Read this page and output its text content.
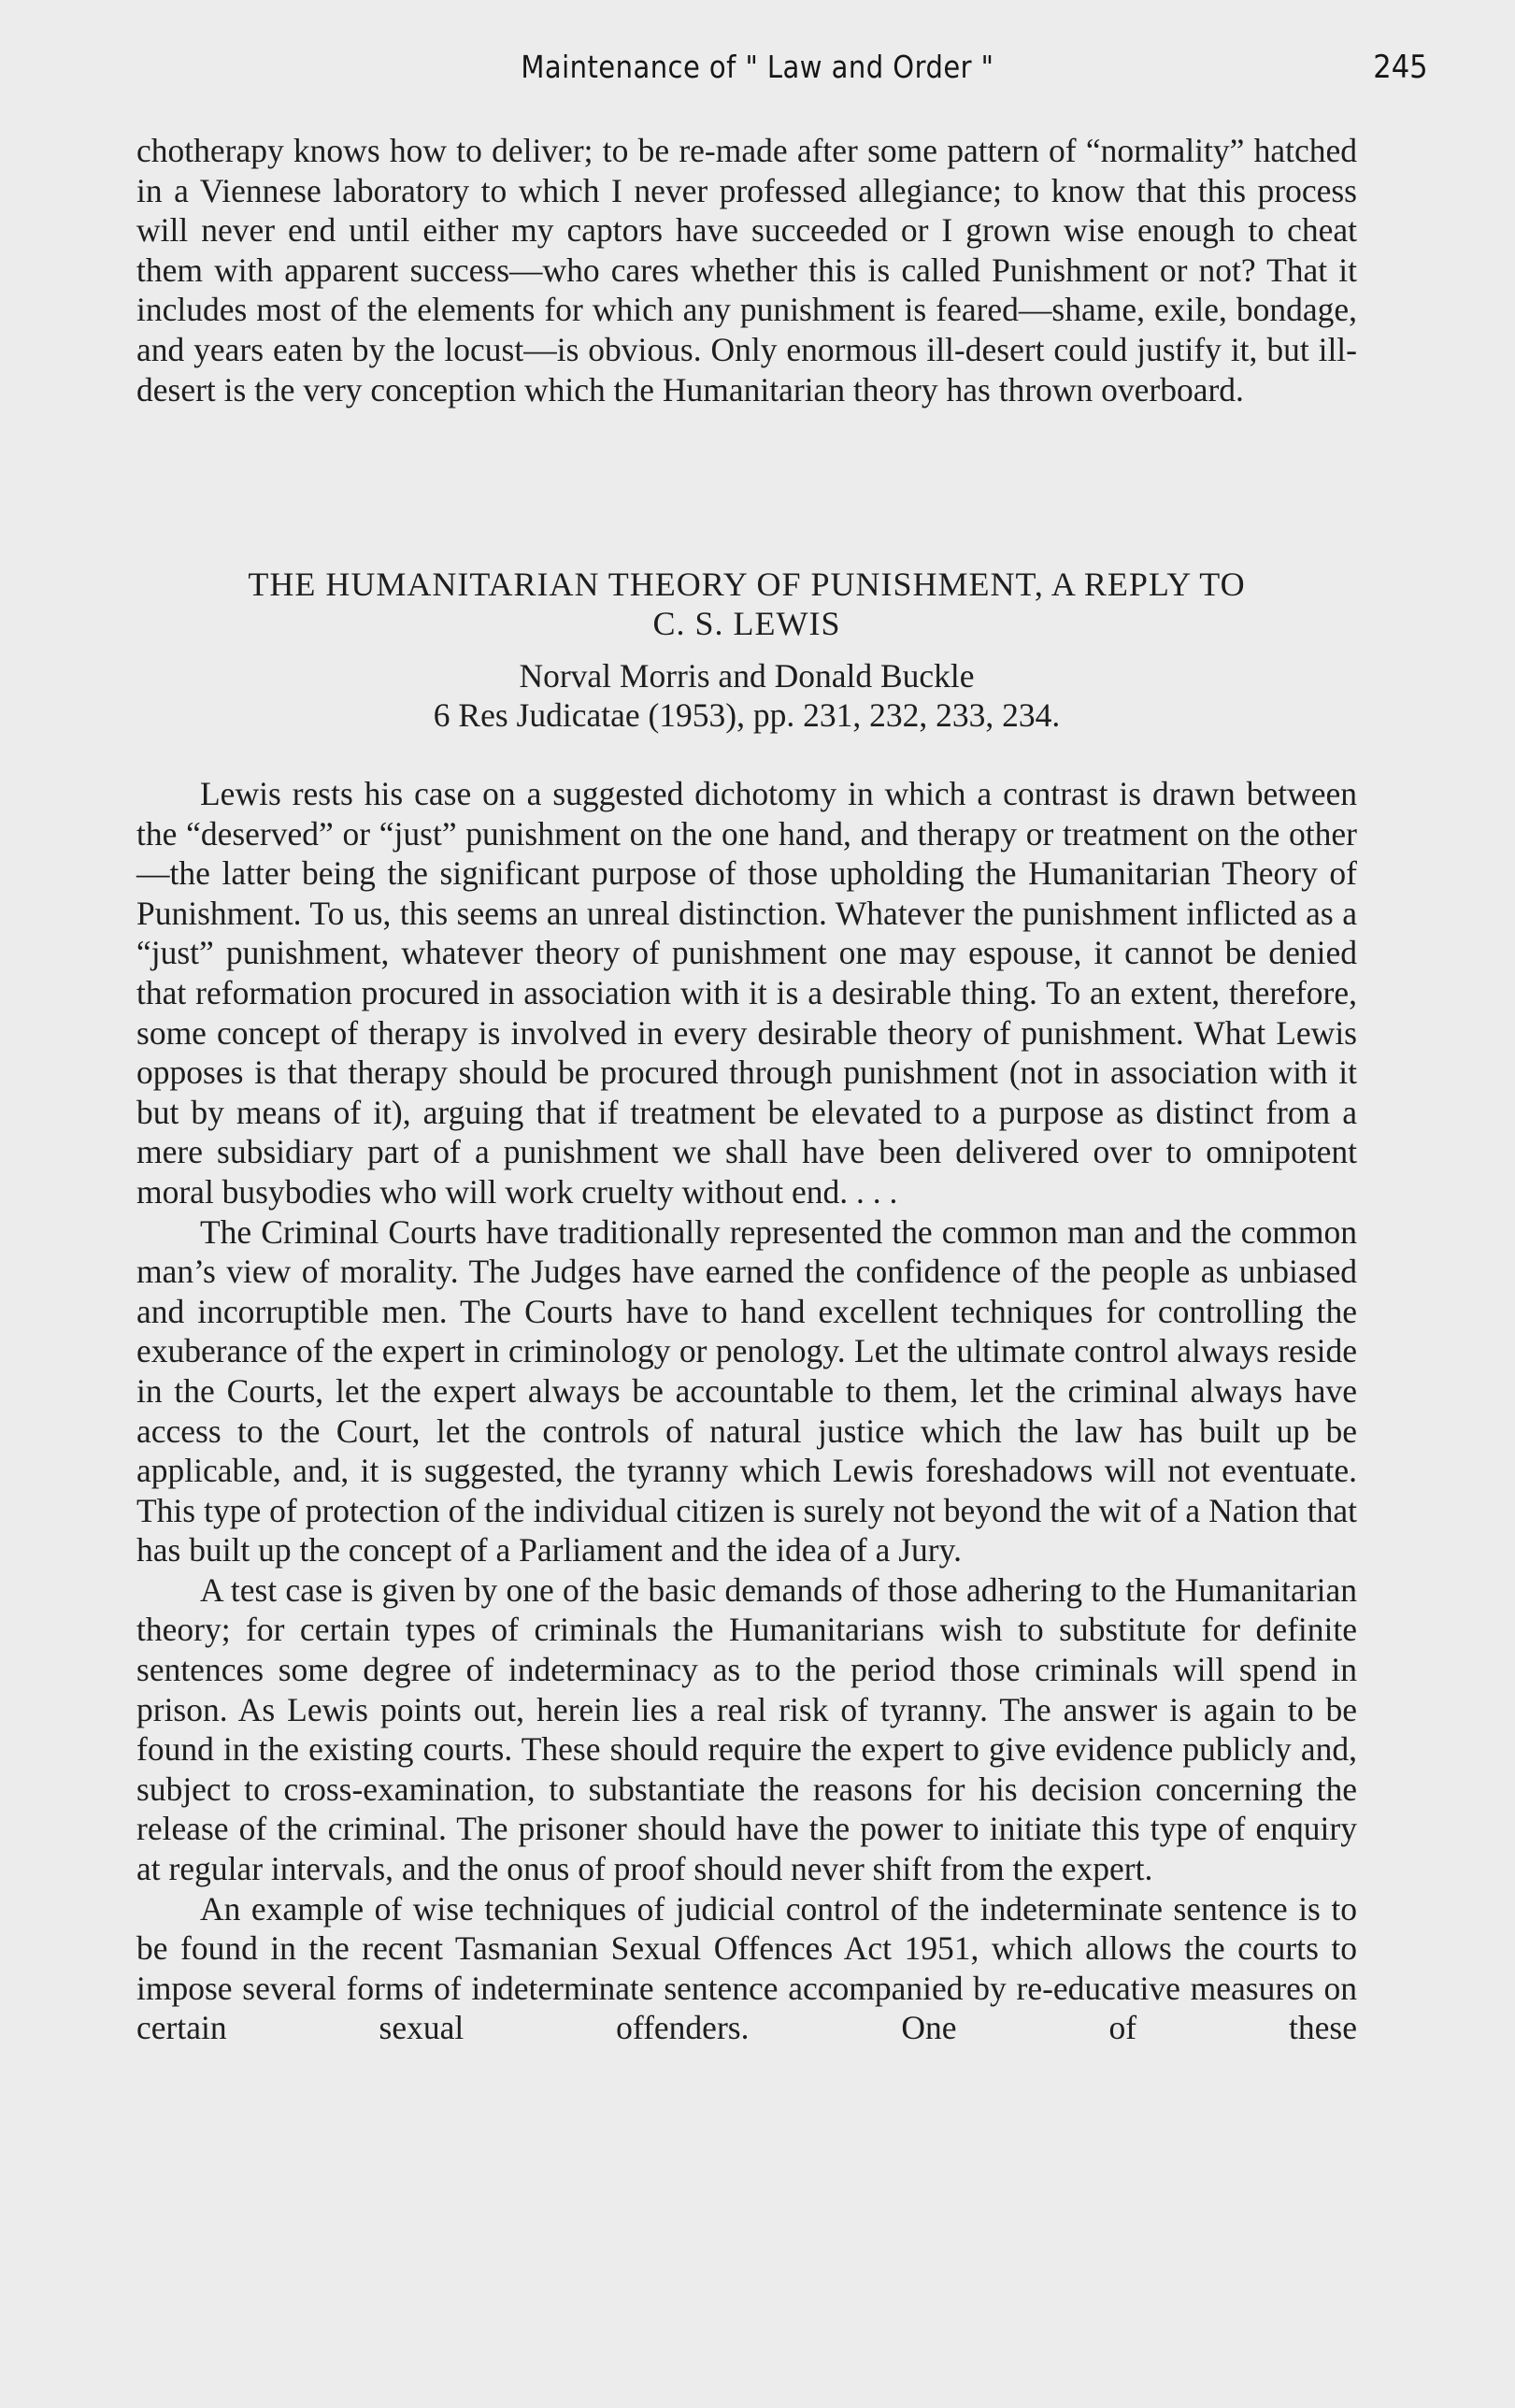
Maintenance of " Law and Order "	245

chotherapy knows how to deliver; to be re-made after some pattern of “normality” hatched in a Viennese laboratory to which I never professed allegiance; to know that this process will never end until either my captors have succeeded or I grown wise enough to cheat them with apparent success—who cares whether this is called Punishment or not? That it includes most of the elements for which any punishment is feared—shame, exile, bondage, and years eaten by the locust—is obvious. Only enormous ill-desert could justify it, but ill-desert is the very conception which the Humanitarian theory has thrown overboard.

THE HUMANITARIAN THEORY OF PUNISHMENT, A REPLY TO
C. S. LEWIS

Norval Morris and Donald Buckle

6 Res Judicatae (1953), pp. 231, 232, 233, 234.

Lewis rests his case on a suggested dichotomy in which a contrast is drawn between the “deserved” or “just” punishment on the one hand, and therapy or treatment on the other—the latter being the significant purpose of those upholding the Humanitarian Theory of Punishment. To us, this seems an unreal distinction. Whatever the punishment inflicted as a “just” punishment, whatever theory of punishment one may espouse, it cannot be denied that reformation procured in association with it is a desirable thing. To an extent, therefore, some concept of therapy is involved in every desirable theory of punishment. What Lewis opposes is that therapy should be procured through punishment (not in association with it but by means of it), arguing that if treatment be elevated to a purpose as distinct from a mere subsidiary part of a punishment we shall have been delivered over to omnipotent moral busybodies who will work cruelty without end. . . .

The Criminal Courts have traditionally represented the common man and the common man’s view of morality. The Judges have earned the confidence of the people as unbiased and incorruptible men. The Courts have to hand excellent techniques for controlling the exuberance of the expert in criminology or penology. Let the ultimate control always reside in the Courts, let the expert always be accountable to them, let the criminal always have access to the Court, let the controls of natural justice which the law has built up be applicable, and, it is suggested, the tyranny which Lewis foreshadows will not eventuate. This type of protection of the individual citizen is surely not beyond the wit of a Nation that has built up the concept of a Parliament and the idea of a Jury.

A test case is given by one of the basic demands of those adhering to the Humanitarian theory; for certain types of criminals the Humanitarians wish to substitute for definite sentences some degree of indeterminacy as to the period those criminals will spend in prison. As Lewis points out, herein lies a real risk of tyranny. The answer is again to be found in the existing courts. These should require the expert to give evidence publicly and, subject to cross-examination, to substantiate the reasons for his decision concerning the release of the criminal. The prisoner should have the power to initiate this type of enquiry at regular intervals, and the onus of proof should never shift from the expert.

An example of wise techniques of judicial control of the indeterminate sentence is to be found in the recent Tasmanian Sexual Offences Act 1951, which allows the courts to impose several forms of indeterminate sentence accompanied by re-educative measures on certain sexual offenders. One of these
